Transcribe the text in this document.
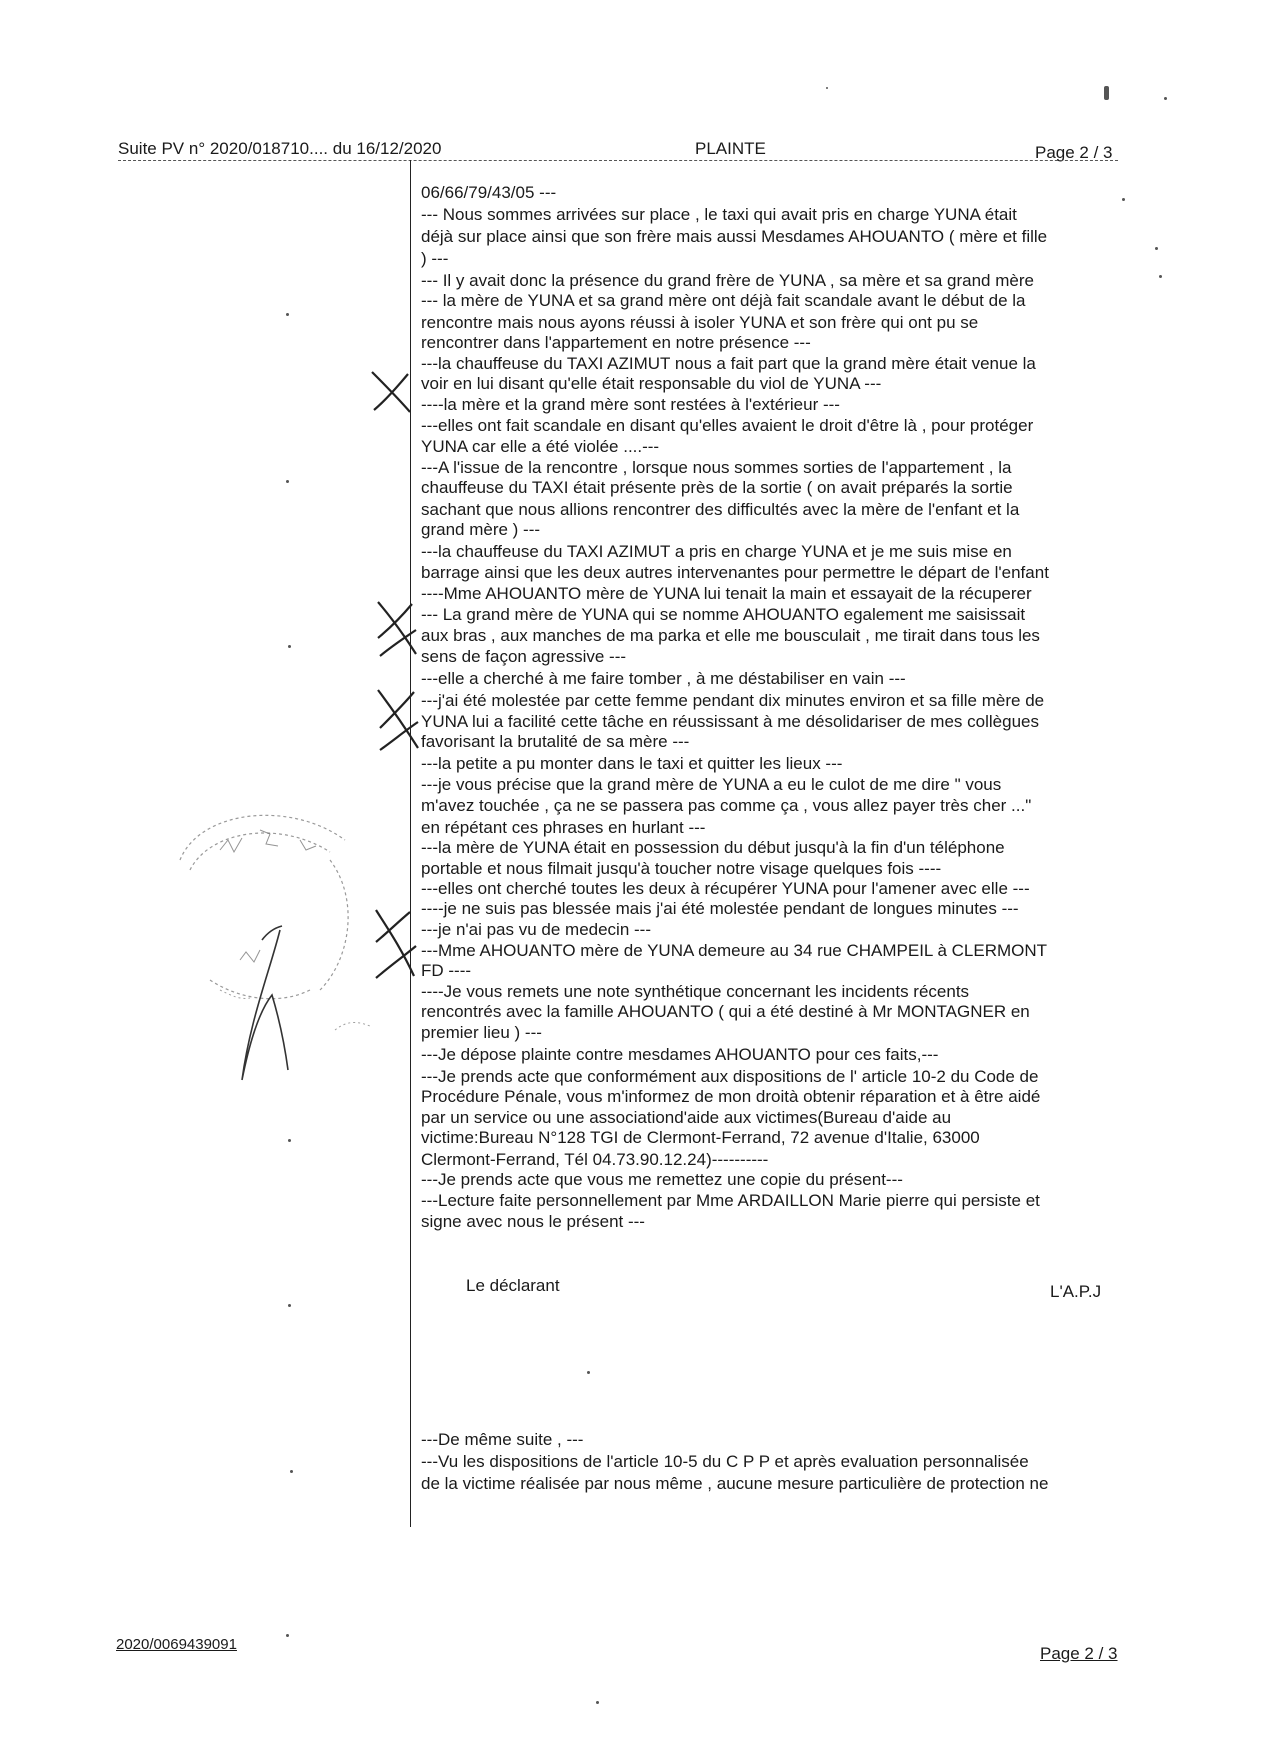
Suite PV n° 2020/018710.... du 16/12/2020	PLAINTE	Page 2 / 3
06/66/79/43/05 ---
--- Nous sommes arrivées sur place , le taxi qui avait pris en charge YUNA était
déjà sur place ainsi que son frère mais aussi Mesdames AHOUANTO ( mère et fille
) ---
--- Il y avait donc la présence du grand frère de YUNA , sa mère et sa grand mère
--- la mère de YUNA et sa grand mère ont déjà fait scandale avant le début de la
rencontre mais nous ayons réussi à isoler YUNA et son frère qui ont pu se
rencontrer dans l'appartement en notre présence ---
---la chauffeuse du TAXI AZIMUT nous a fait part que la grand mère était venue la
voir en lui disant qu'elle était responsable du viol de YUNA ---
----la mère et la grand mère sont restées à l'extérieur ---
---elles ont fait scandale en disant qu'elles avaient le droit d'être là , pour protéger
YUNA car elle a été violée ....---
---A l'issue de la rencontre , lorsque nous sommes sorties de l'appartement , la
chauffeuse du TAXI était présente près de la sortie ( on avait préparés la sortie
sachant que nous allions rencontrer des difficultés avec la mère de l'enfant et la
grand mère ) ---
---la chauffeuse du TAXI AZIMUT a pris en charge YUNA et je me suis mise en
barrage ainsi que les deux autres intervenantes pour permettre le départ de l'enfant
----Mme AHOUANTO mère de YUNA lui tenait la main et essayait de la récuperer
--- La grand mère de YUNA qui se nomme AHOUANTO egalement me saisissait
aux bras , aux manches de ma parka et elle me bousculait , me tirait dans tous les
sens de façon agressive ---
---elle a cherché à me faire tomber , à me déstabiliser en vain ---
---j'ai été molestée par cette femme pendant dix minutes environ et sa fille mère de
YUNA lui a facilité cette tâche en réussissant à me désolidariser de mes collègues
favorisant la brutalité de sa mère ---
---la petite a pu monter dans le taxi et quitter les lieux ---
---je vous précise que la grand mère de YUNA a eu le culot de me dire " vous
m'avez touchée , ça ne se passera pas comme ça , vous allez payer très cher ..."
en répétant ces phrases en hurlant ---
---la mère de YUNA était en possession du début jusqu'à la fin d'un téléphone
portable et nous filmait jusqu'à toucher notre visage quelques fois ----
---elles ont cherché toutes les deux à récupérer YUNA pour l'amener avec elle ---
----je ne suis pas blessée mais j'ai été molestée pendant de longues minutes ---
---je n'ai pas vu de medecin ---
---Mme AHOUANTO mère de YUNA demeure au 34 rue CHAMPEIL à CLERMONT
FD ----
----Je vous remets une note synthétique concernant les incidents récents
rencontrés avec la famille AHOUANTO ( qui a été destiné à Mr MONTAGNER en
premier lieu ) ---
---Je dépose plainte contre mesdames AHOUANTO pour ces faits,---
---Je prends acte que conformément aux dispositions de l' article 10-2 du Code de
Procédure Pénale, vous m'informez de mon droità obtenir réparation et à être aidé
par un service ou une associationd'aide aux victimes(Bureau d'aide au
victime:Bureau N°128 TGI de Clermont-Ferrand, 72 avenue d'Italie, 63000
Clermont-Ferrand, Tél 04.73.90.12.24)----------
---Je prends acte que vous me remettez une copie du présent---
---Lecture faite personnellement par Mme ARDAILLON Marie pierre qui persiste et
signe avec nous le présent ---
Le déclarant	L'A.P.J
---De même suite , ---
---Vu les dispositions de l'article 10-5 du C P P et après evaluation personnalisée
de la victime réalisée par nous même , aucune mesure particulière de protection ne
2020/0069439091	Page 2 / 3
